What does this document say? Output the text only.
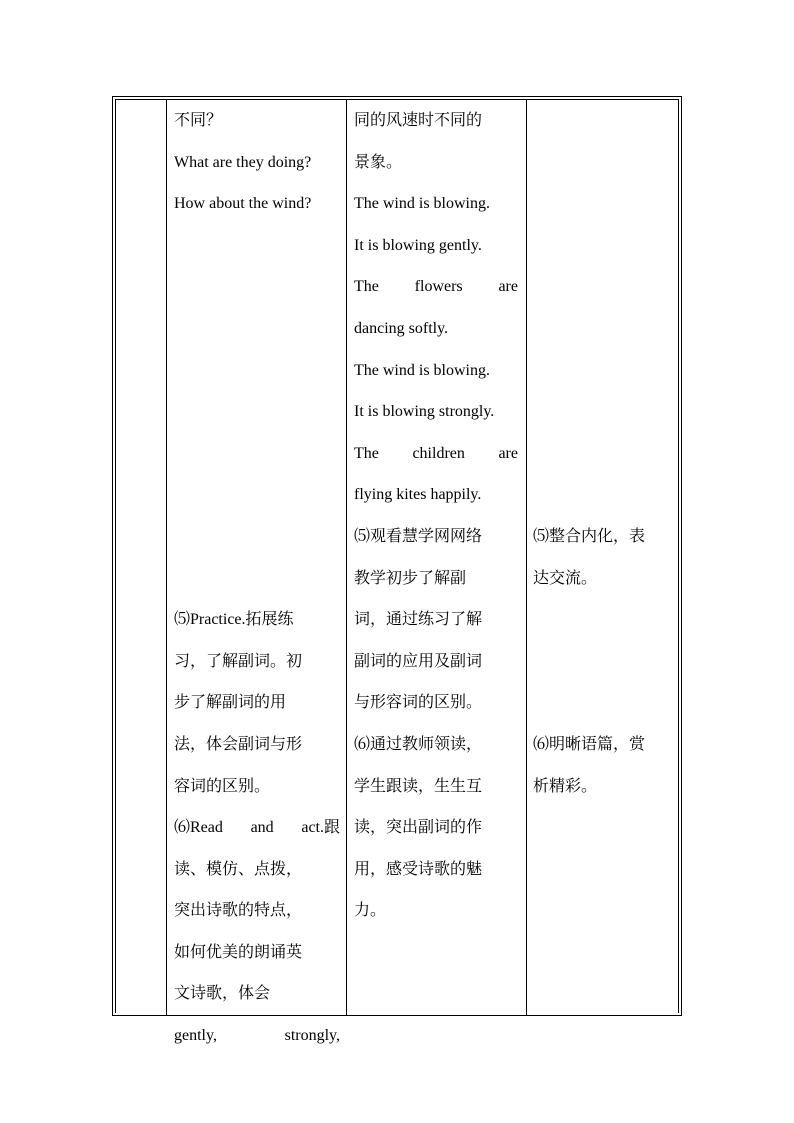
不同？
What are they doing?
How about the wind?
⑸Practice.拓展练
习，了解副词。初
步了解副词的用
法，体会副词与形
容词的区别。
⑹Read and act.跟
读、模仿、点拨，
突出诗歌的特点，
如何优美的朗诵英
文诗歌，体会
gently,	strongly,
同的风速时不同的
景象。
The wind is blowing.
It is blowing gently.
The flowers are
dancing softly.
The wind is blowing.
It is blowing strongly.
The children are
flying kites happily.
⑸观看慧学网网络
教学初步了解副
词，通过练习了解
副词的应用及副词
与形容词的区别。
⑹通过教师领读，
学生跟读，生生互
读，突出副词的作
用，感受诗歌的魅
力。
⑸整合内化，表
达交流。
⑹明晰语篇，赏
析精彩。
